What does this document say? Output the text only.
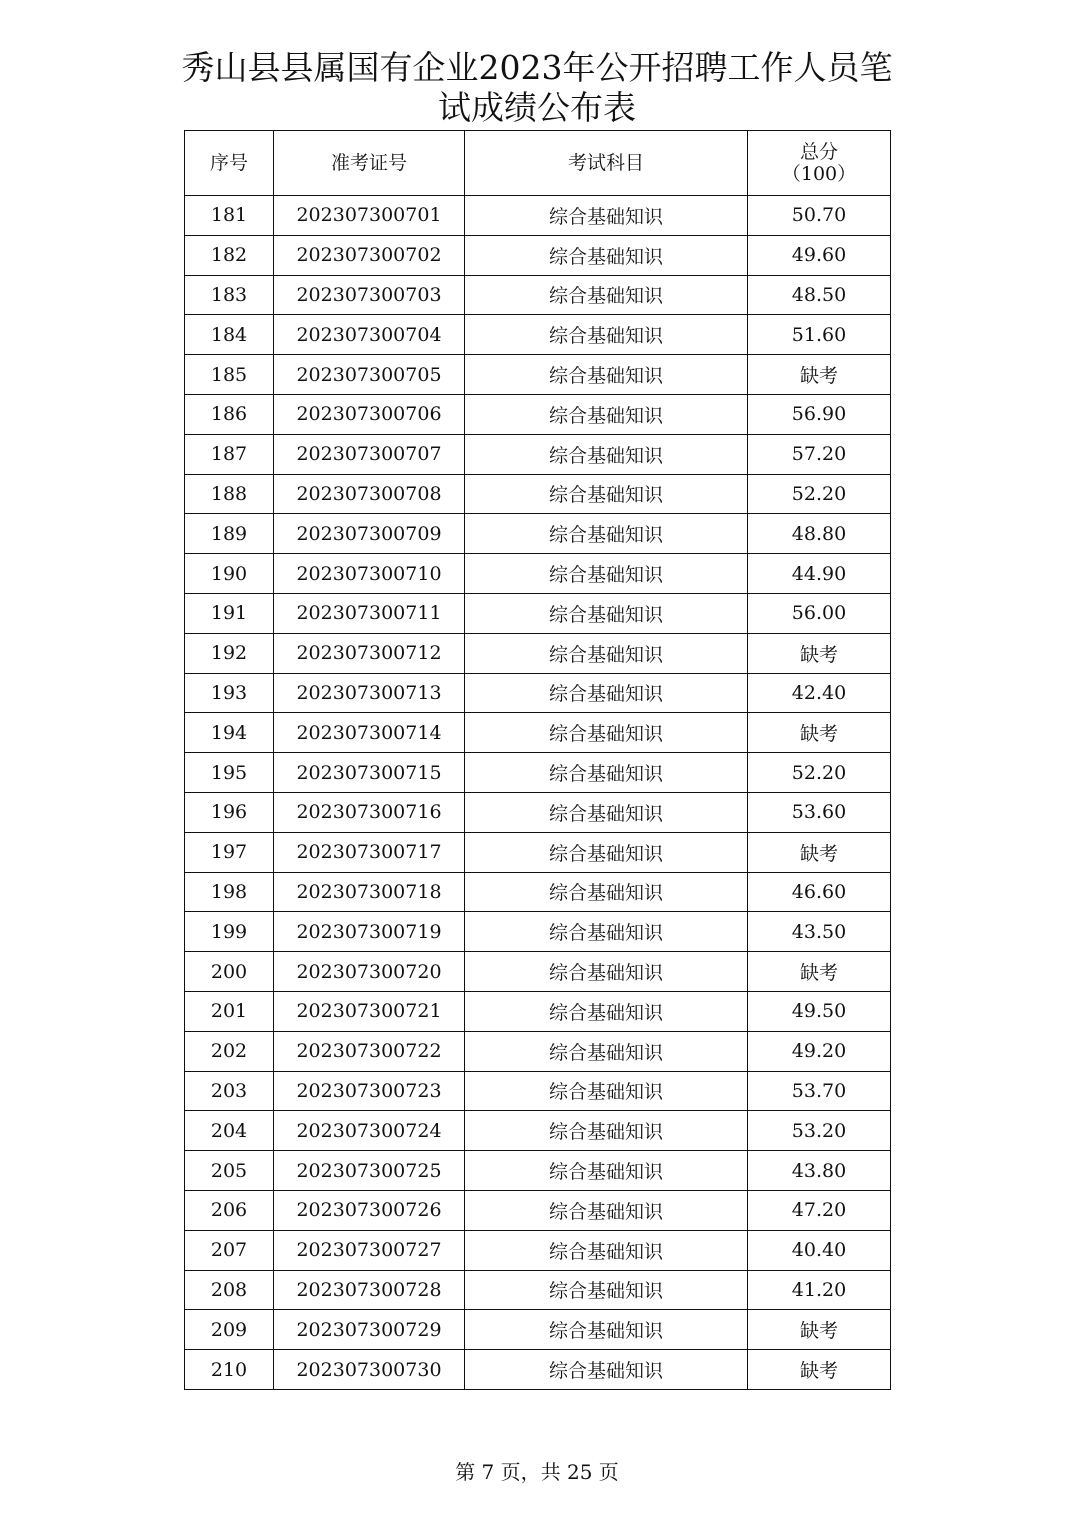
秀山县县属国有企业2023年公开招聘工作人员笔
试成绩公布表
序号	准考证号	考试科目	总分
（100）

181	202307300701	综合基础知识	50.70
182	202307300702	综合基础知识	49.60
183	202307300703	综合基础知识	48.50
184	202307300704	综合基础知识	51.60
185	202307300705	综合基础知识	缺考
186	202307300706	综合基础知识	56.90
187	202307300707	综合基础知识	57.20
188	202307300708	综合基础知识	52.20
189	202307300709	综合基础知识	48.80
190	202307300710	综合基础知识	44.90
191	202307300711	综合基础知识	56.00
192	202307300712	综合基础知识	缺考
193	202307300713	综合基础知识	42.40
194	202307300714	综合基础知识	缺考
195	202307300715	综合基础知识	52.20
196	202307300716	综合基础知识	53.60
197	202307300717	综合基础知识	缺考
198	202307300718	综合基础知识	46.60
199	202307300719	综合基础知识	43.50
200	202307300720	综合基础知识	缺考
201	202307300721	综合基础知识	49.50
202	202307300722	综合基础知识	49.20
203	202307300723	综合基础知识	53.70
204	202307300724	综合基础知识	53.20
205	202307300725	综合基础知识	43.80
206	202307300726	综合基础知识	47.20
207	202307300727	综合基础知识	40.40
208	202307300728	综合基础知识	41.20
209	202307300729	综合基础知识	缺考
210	202307300730	综合基础知识	缺考
第 7 页，共 25 页
